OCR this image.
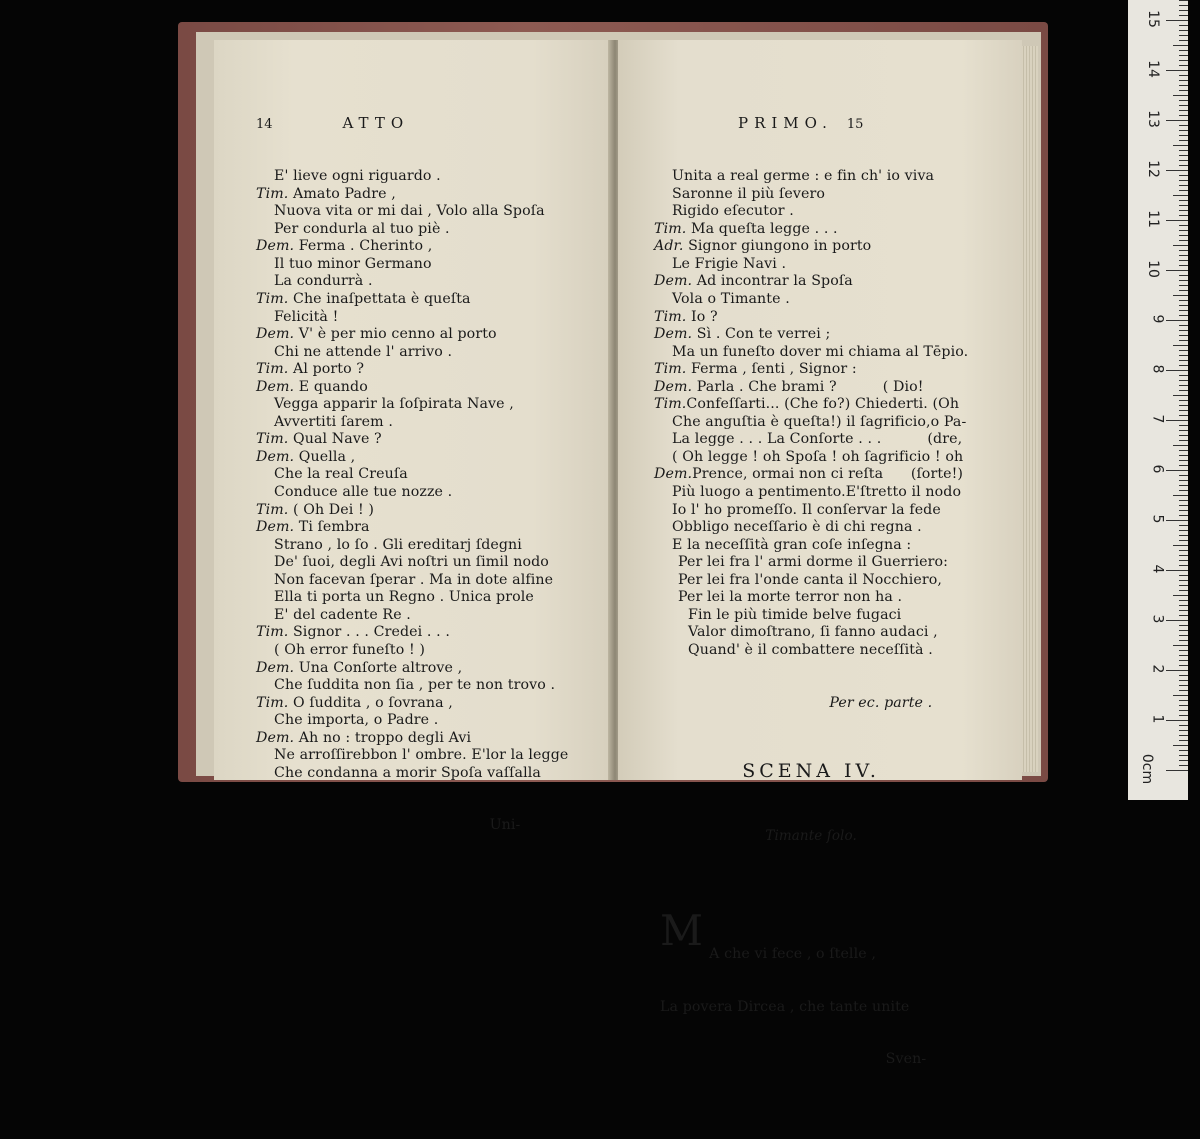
14	ATTO

E' lieve ogni riguardo .
Tim. Amato Padre ,
Nuova vita or mi dai , Volo alla Spoſa
Per condurla al tuo piè .
Dem. Ferma . Cherinto ,
Il tuo minor Germano
La condurrà .
Tim. Che inaſpettata è queſta
Felicità !
Dem. V' è per mio cenno al porto
Chi ne attende l' arrivo .
Tim. Al porto ?
Dem. E quando
Vegga apparir la ſoſpirata Nave ,
Avvertiti ſarem .
Tim. Qual Nave ?
Dem. Quella ,
Che la real Creuſa
Conduce alle tue nozze .
Tim. ( Oh Dei ! )
Dem. Ti ſembra
Strano , lo ſo . Gli ereditarj ſdegni
De' ſuoi, degli Avi noſtri un ſimil nodo
Non facevan ſperar . Ma in dote alfine
Ella ti porta un Regno . Unica prole
E' del cadente Re .
Tim. Signor . . . Credei . . .
( Oh error funeſto ! )
Dem. Una Conſorte altrove ,
Che ſuddita non ſia , per te non trovo .
Tim. O ſuddita , o ſovrana ,
Che importa, o Padre .
Dem. Ah no : troppo degli Avi
Ne arroſſirebbon l' ombre. E'lor la legge
Che condanna a morir Spoſa vaſſalla

Uni-

PRIMO. 15

Unita a real germe : e fin ch' io viva
Saronne il più ſevero
Rigido eſecutor .
Tim. Ma queſta legge . . .
Adr. Signor giungono in porto
Le Frigie Navi .
Dem. Ad incontrar la Spoſa
Vola o Timante .
Tim. Io ?
Dem. Sì . Con te verrei ;
Ma un funeſto dover mi chiama al Tēpio.
Tim. Ferma , ſenti , Signor :
Dem. Parla . Che brami ?          ( Dio!
Tim.Confeſſarti... (Che fo?) Chiederti. (Oh
Che anguſtia è queſta!) il ſagrificio,o Pa-
La legge . . . La Conſorte . . .          (dre,
( Oh legge ! oh Spoſa ! oh ſagrificio ! oh
Dem.Prence, ormai non ci reſta      (ſorte!)
Più luogo a pentimento.E'ſtretto il nodo
Io l' ho promeſſo. Il conſervar la fede
Obbligo neceſſario è di chi regna .
E la neceſſità gran coſe inſegna :
Per lei fra l' armi dorme il Guerriero:
Per lei fra l'onde canta il Nocchiero,
Per lei la morte terror non ha .
Fin le più timide belve fugaci
Valor dimoſtrano, ſi fanno audaci ,
Quand' è il combattere neceſſità .

Per ec. parte .

SCENA IV.

Timante ſolo.

M

A che vi fece , o ſtelle ,

La povera Dircea , che tante unite

Sven-

0cm
1
2
3
4
5
6
7
8
9
10
11
12
13
14
15
